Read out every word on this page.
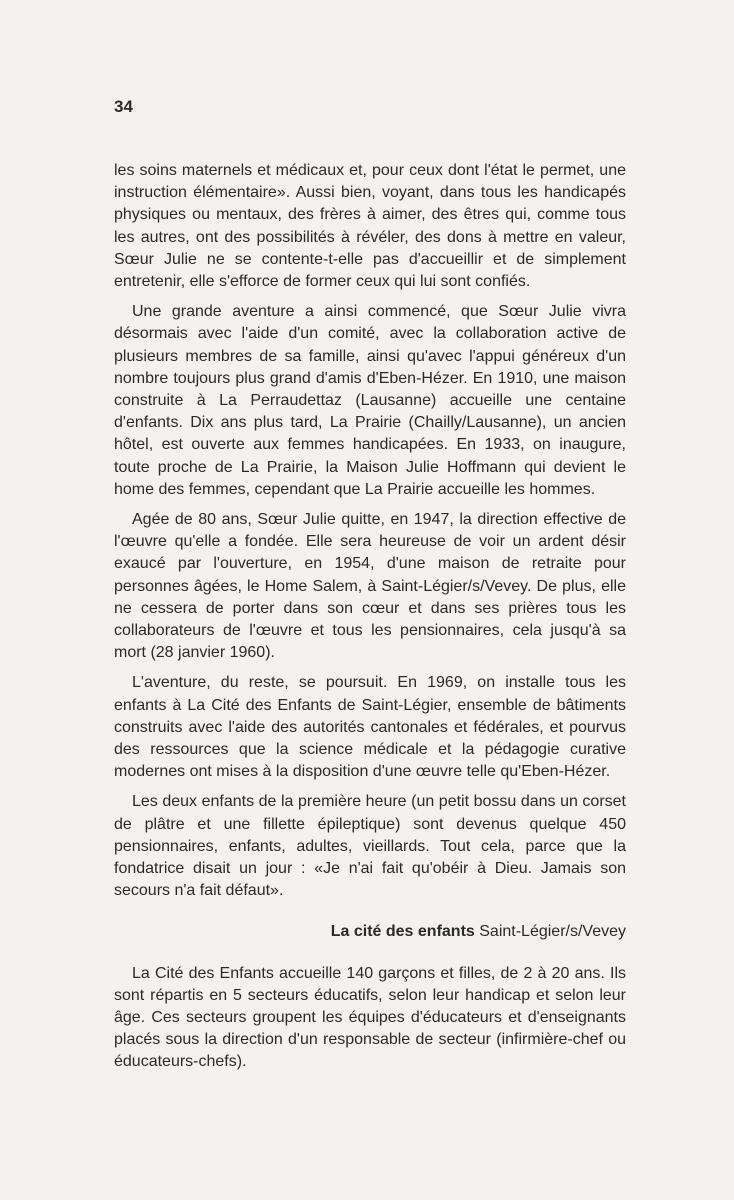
34

les soins maternels et médicaux et, pour ceux dont l'état le permet, une instruction élémentaire». Aussi bien, voyant, dans tous les handicapés physiques ou mentaux, des frères à aimer, des êtres qui, comme tous les autres, ont des possibilités à révéler, des dons à mettre en valeur, Sœur Julie ne se contente-t-elle pas d'accueillir et de simplement entretenir, elle s'efforce de former ceux qui lui sont confiés.

Une grande aventure a ainsi commencé, que Sœur Julie vivra désormais avec l'aide d'un comité, avec la collaboration active de plusieurs membres de sa famille, ainsi qu'avec l'appui généreux d'un nombre toujours plus grand d'amis d'Eben-Hézer. En 1910, une maison construite à La Perraudettaz (Lausanne) accueille une centaine d'enfants. Dix ans plus tard, La Prairie (Chailly/Lausanne), un ancien hôtel, est ouverte aux femmes handicapées. En 1933, on inaugure, toute proche de La Prairie, la Maison Julie Hoffmann qui devient le home des femmes, cependant que La Prairie accueille les hommes.

Agée de 80 ans, Sœur Julie quitte, en 1947, la direction effective de l'œuvre qu'elle a fondée. Elle sera heureuse de voir un ardent désir exaucé par l'ouverture, en 1954, d'une maison de retraite pour personnes âgées, le Home Salem, à Saint-Légier/s/Vevey. De plus, elle ne cessera de porter dans son cœur et dans ses prières tous les collaborateurs de l'œuvre et tous les pensionnaires, cela jusqu'à sa mort (28 janvier 1960).

L'aventure, du reste, se poursuit. En 1969, on installe tous les enfants à La Cité des Enfants de Saint-Légier, ensemble de bâtiments construits avec l'aide des autorités cantonales et fédérales, et pourvus des ressources que la science médicale et la pédagogie curative modernes ont mises à la disposition d'une œuvre telle qu'Eben-Hézer.

Les deux enfants de la première heure (un petit bossu dans un corset de plâtre et une fillette épileptique) sont devenus quelque 450 pensionnaires, enfants, adultes, vieillards. Tout cela, parce que la fondatrice disait un jour : «Je n'ai fait qu'obéir à Dieu. Jamais son secours n'a fait défaut».

La cité des enfants Saint-Légier/s/Vevey

La Cité des Enfants accueille 140 garçons et filles, de 2 à 20 ans. Ils sont répartis en 5 secteurs éducatifs, selon leur handicap et selon leur âge. Ces secteurs groupent les équipes d'éducateurs et d'enseignants placés sous la direction d'un responsable de secteur (infirmière-chef ou éducateurs-chefs).
